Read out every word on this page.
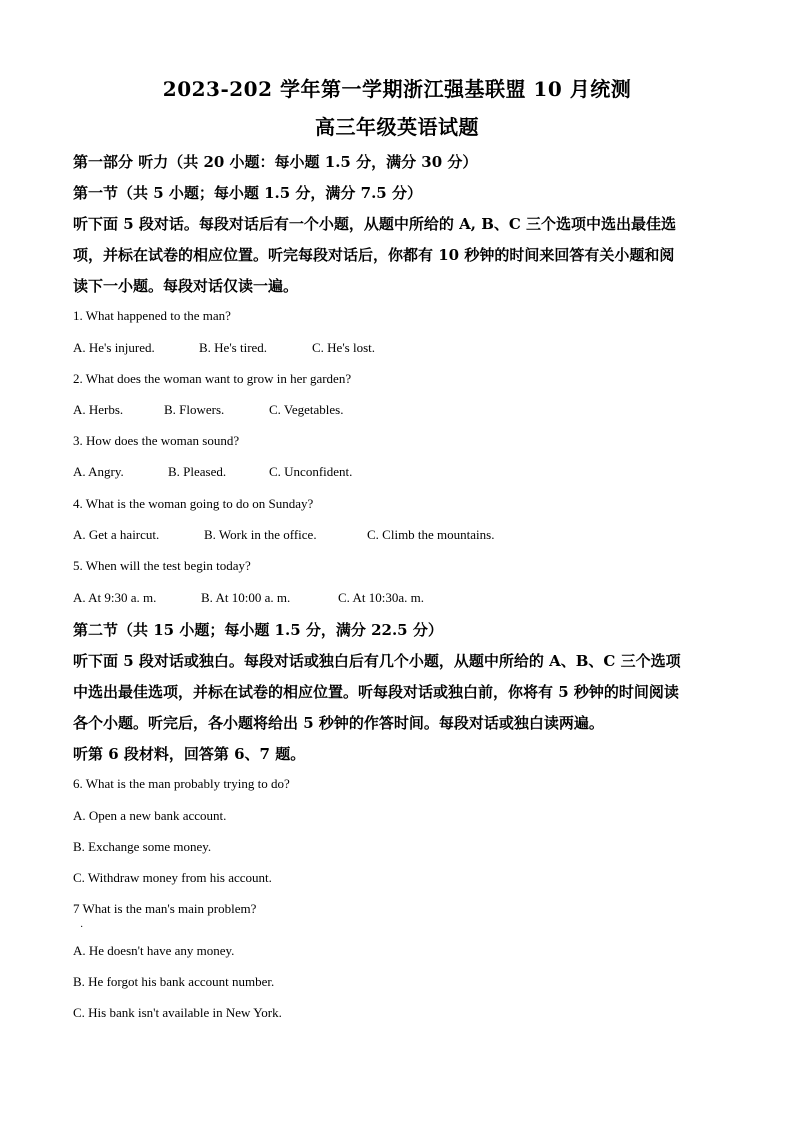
2023-202 学年第一学期浙江强基联盟 10 月统测
高三年级英语试题
第一部分 听力（共 20 小题：每小题 1.5 分，满分 30 分）
第一节（共 5 小题；每小题 1.5 分，满分 7.5 分）
听下面 5 段对话。每段对话后有一个小题，从题中所给的 A, B、C 三个选项中选出最佳选
项，并标在试卷的相应位置。听完每段对话后，你都有 10 秒钟的时间来回答有关小题和阅
读下一小题。每段对话仅读一遍。
1. What happened to the man?
A. He's injured.	B. He's tired.	C. He's lost.
2. What does the woman want to grow in her garden?
A. Herbs.	B. Flowers.	C. Vegetables.
3. How does the woman sound?
A. Angry.	B. Pleased.	C. Unconfident.
4. What is the woman going to do on Sunday?
A. Get a haircut.	B. Work in the office.	C. Climb the mountains.
5. When will the test begin today?
A. At 9:30 a. m.	B. At 10:00 a. m.	C. At 10:30a. m.
第二节（共 15 小题；每小题 1.5 分，满分 22.5 分）
听下面 5 段对话或独白。每段对话或独白后有几个小题，从题中所给的 A、B、C 三个选项
中选出最佳选项，并标在试卷的相应位置。听每段对话或独白前，你将有 5 秒钟的时间阅读
各个小题。听完后，各小题将给出 5 秒钟的作答时间。每段对话或独白读两遍。
听第 6 段材料，回答第 6、7 题。
6. What is the man probably trying to do?
A. Open a new bank account.
B. Exchange some money.
C. Withdraw money from his account.
7 What is the man's main problem?
·
A. He doesn't have any money.
B. He forgot his bank account number.
C. His bank isn't available in New York.
